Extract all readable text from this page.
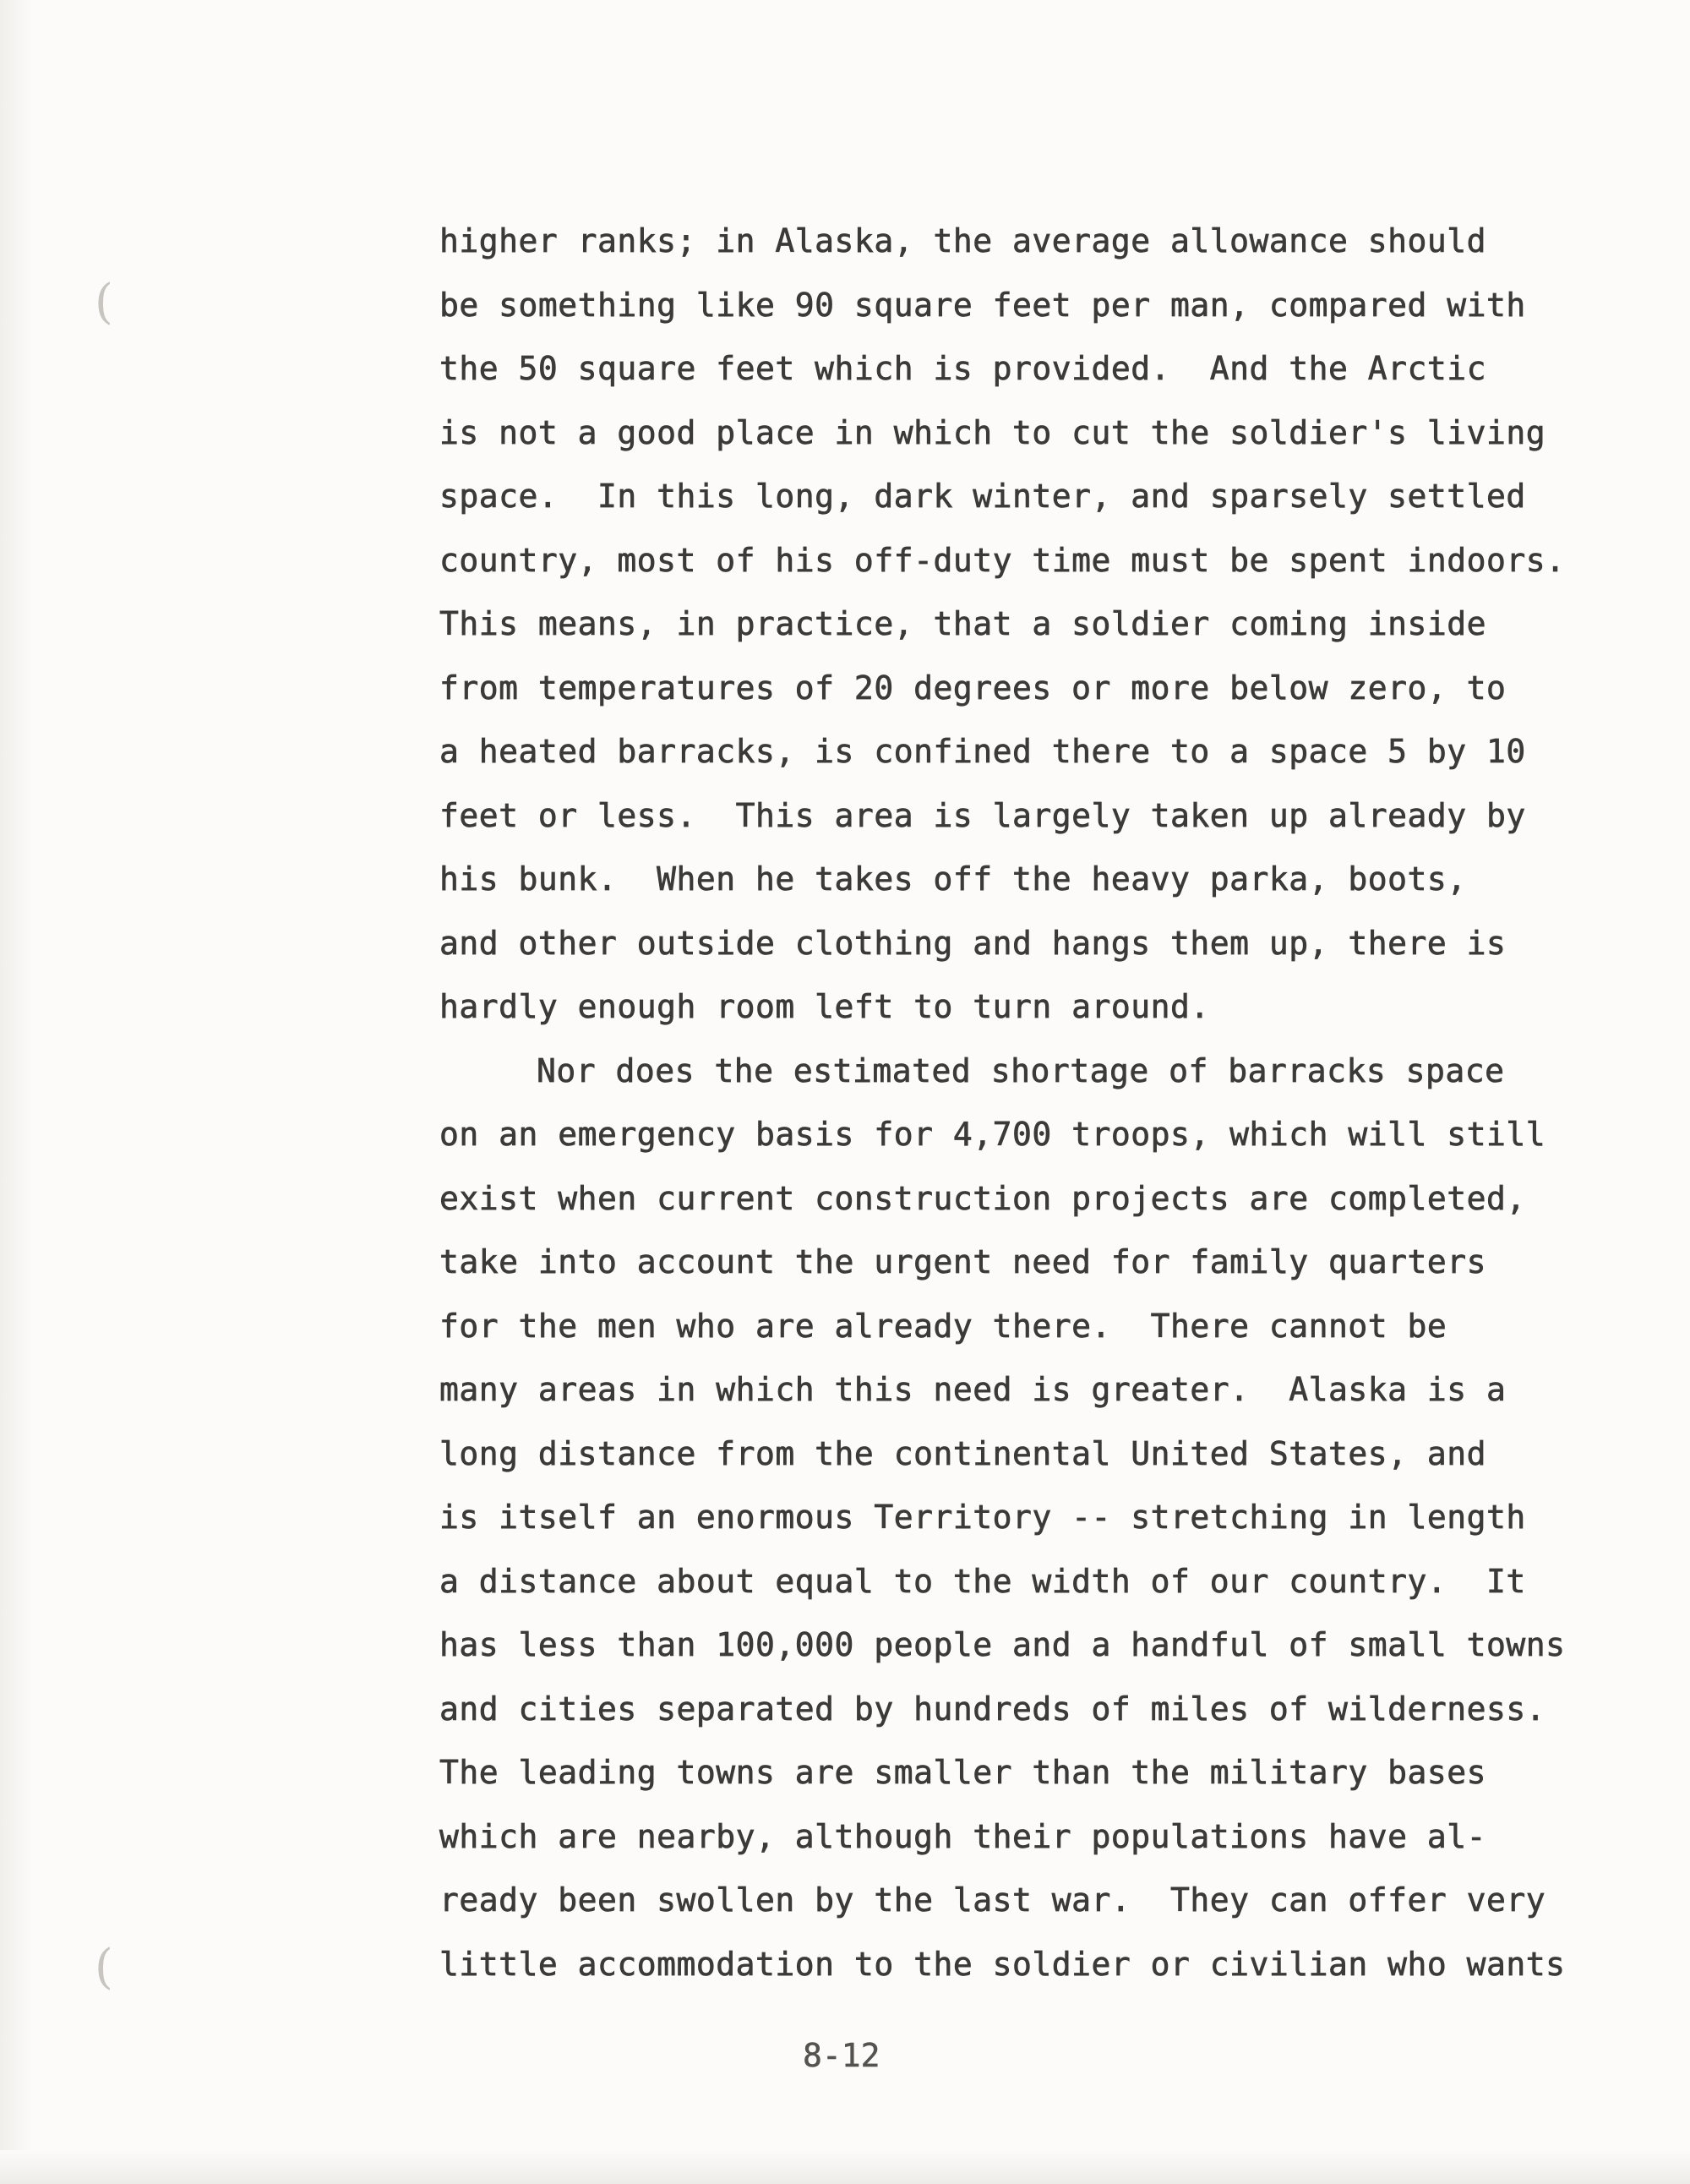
(
(
higher ranks; in Alaska, the average allowance should
be something like 90 square feet per man, compared with
the 50 square feet which is provided.  And the Arctic
is not a good place in which to cut the soldier's living
space.  In this long, dark winter, and sparsely settled
country, most of his off-duty time must be spent indoors.
This means, in practice, that a soldier coming inside
from temperatures of 20 degrees or more below zero, to
a heated barracks, is confined there to a space 5 by 10
feet or less.  This area is largely taken up already by
his bunk.  When he takes off the heavy parka, boots,
and other outside clothing and hangs them up, there is
hardly enough room left to turn around.
Nor does the estimated shortage of barracks space
on an emergency basis for 4,700 troops, which will still
exist when current construction projects are completed,
take into account the urgent need for family quarters
for the men who are already there.  There cannot be
many areas in which this need is greater.  Alaska is a
long distance from the continental United States, and
is itself an enormous Territory -- stretching in length
a distance about equal to the width of our country.  It
has less than 100,000 people and a handful of small towns
and cities separated by hundreds of miles of wilderness.
The leading towns are smaller than the military bases
which are nearby, although their populations have al-
ready been swollen by the last war.  They can offer very
little accommodation to the soldier or civilian who wants
8-12
